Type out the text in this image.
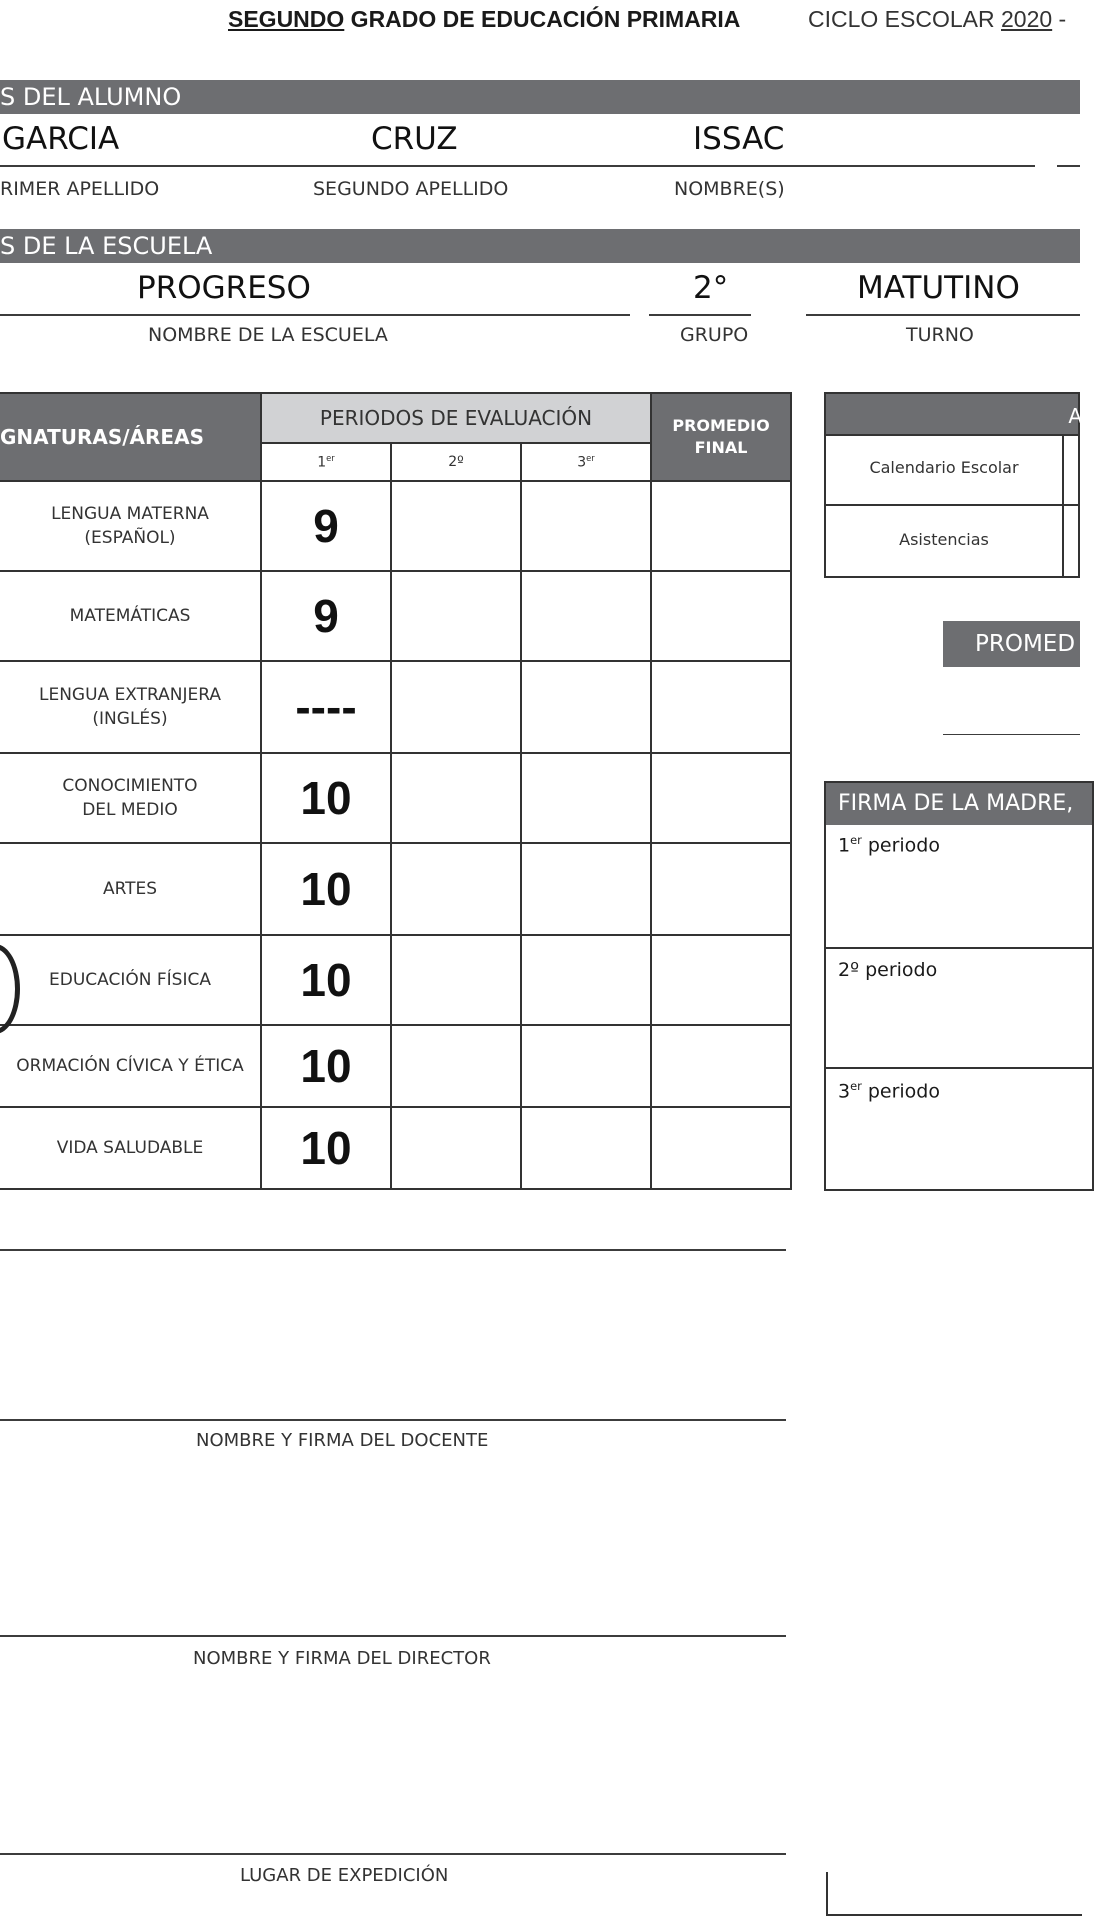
SEGUNDO GRADO DE EDUCACIÓN PRIMARIA	CICLO ESCOLAR 2020 -
S DEL ALUMNO
GARCIA	CRUZ	ISSAC
RIMER APELLIDO	SEGUNDO APELLIDO	NOMBRE(S)
S DE LA ESCUELA
PROGRESO	2°	MATUTINO
NOMBRE DE LA ESCUELA	GRUPO	TURNO
GNATURAS/ÁREAS	PERIODOS DE EVALUACIÓN			PROMEDIO
FINAL

	1er	2º	3er

LENGUA MATERNA
(ESPAÑOL)	9			

MATEMÁTICAS	9			

LENGUA EXTRANJERA
(INGLÉS)	----			

CONOCIMIENTO
DEL MEDIO	10			

ARTES	10			

EDUCACIÓN FÍSICA	10			

ORMACIÓN CÍVICA Y ÉTICA	10			

VIDA SALUDABLE	10			
A
Calendario Escolar
Asistencias
PROMED
FIRMA DE LA MADRE,
1er periodo
2º periodo
3er periodo
NOMBRE Y FIRMA DEL DOCENTE
NOMBRE Y FIRMA DEL DIRECTOR
LUGAR DE EXPEDICIÓN
